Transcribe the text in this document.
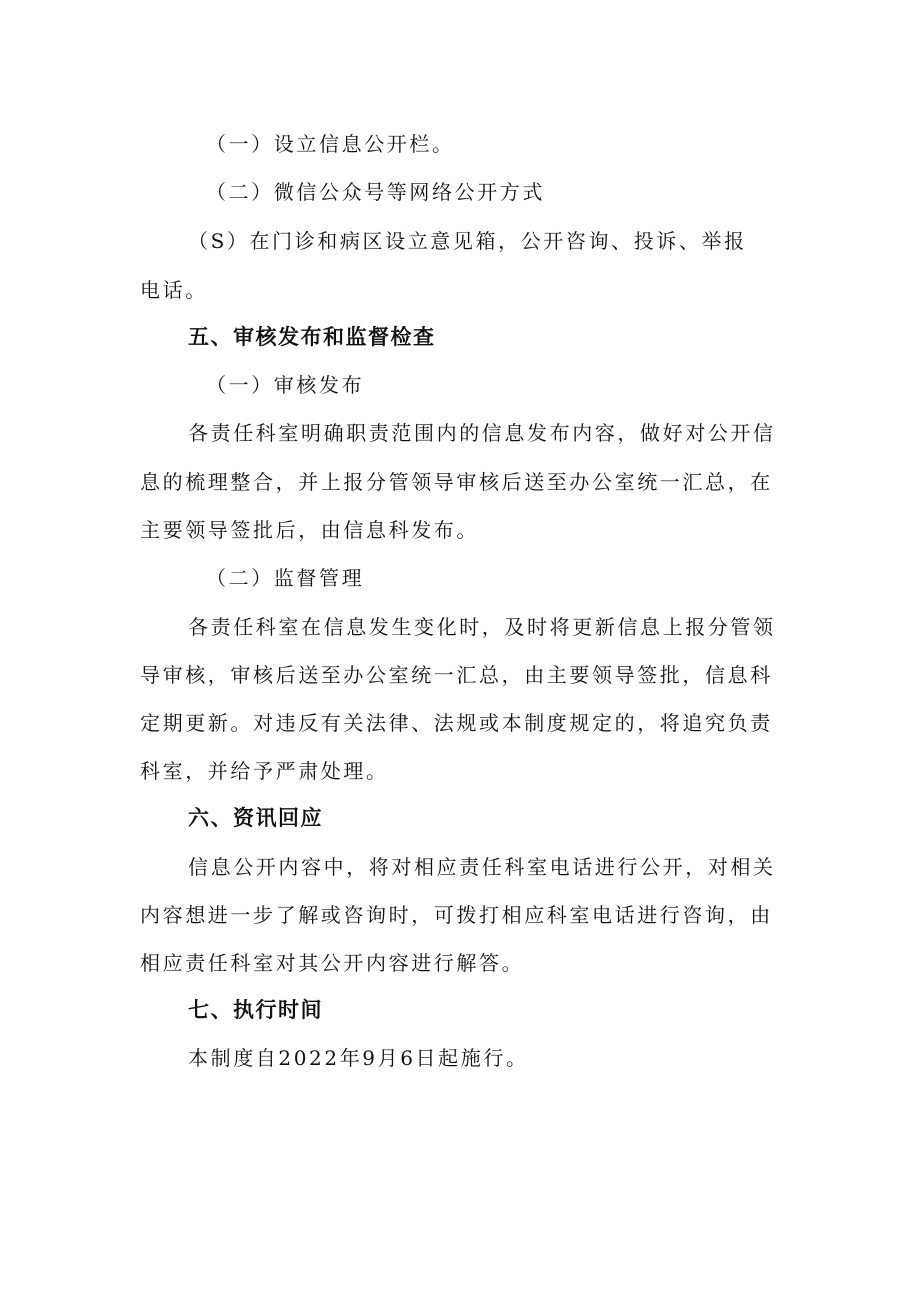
（一）设立信息公开栏。
（二）微信公众号等网络公开方式
（S）在门诊和病区设立意见箱，公开咨询、投诉、举报
电话。
五、审核发布和监督检查
（一）审核发布
各责任科室明确职责范围内的信息发布内容，做好对公开信
息的梳理整合，并上报分管领导审核后送至办公室统一汇总，在
主要领导签批后，由信息科发布。
（二）监督管理
各责任科室在信息发生变化时，及时将更新信息上报分管领
导审核，审核后送至办公室统一汇总，由主要领导签批，信息科
定期更新。对违反有关法律、法规或本制度规定的，将追究负责
科室，并给予严肃处理。
六、资讯回应
信息公开内容中，将对相应责任科室电话进行公开，对相关
内容想进一步了解或咨询时，可拨打相应科室电话进行咨询，由
相应责任科室对其公开内容进行解答。
七、执行时间
本制度自2022年9月6日起施行。
